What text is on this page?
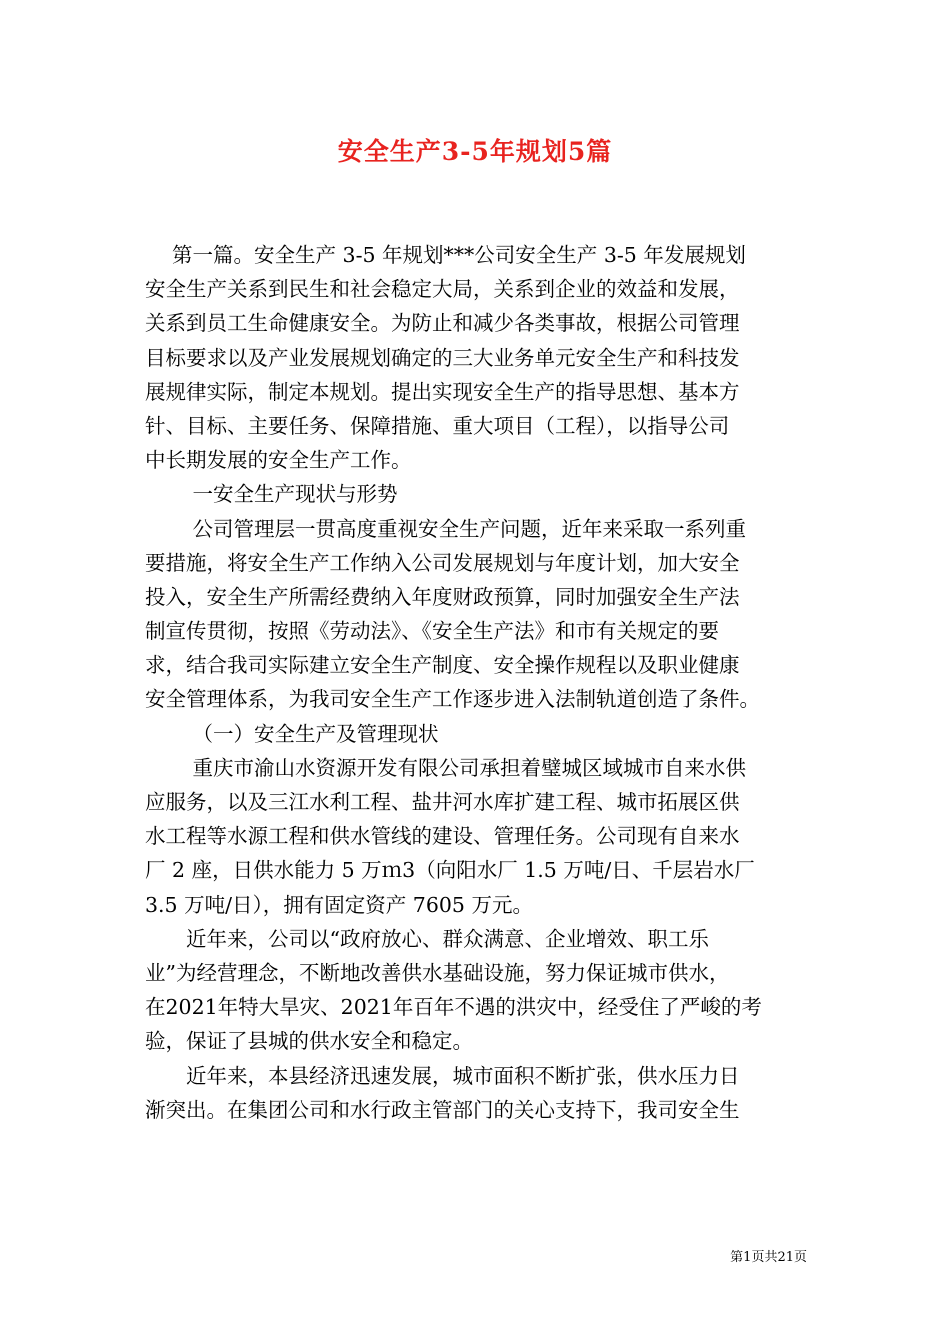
安全生产3-5年规划5篇
　 第一篇。安全生产 3-5 年规划***公司安全生产 3-5 年发展规划
安全生产关系到民生和社会稳定大局，关系到企业的效益和发展，
关系到员工生命健康安全。为防止和减少各类事故，根据公司管理
目标要求以及产业发展规划确定的三大业务单元安全生产和科技发
展规律实际，制定本规划。提出实现安全生产的指导思想、基本方
针、目标、主要任务、保障措施、重大项目（工程），以指导公司
中长期发展的安全生产工作。
　　 一安全生产现状与形势
　　 公司管理层一贯高度重视安全生产问题，近年来采取一系列重
要措施，将安全生产工作纳入公司发展规划与年度计划，加大安全
投入，安全生产所需经费纳入年度财政预算，同时加强安全生产法
制宣传贯彻，按照《劳动法》、《安全生产法》和市有关规定的要
求，结合我司实际建立安全生产制度、安全操作规程以及职业健康
安全管理体系，为我司安全生产工作逐步进入法制轨道创造了条件。
　　 （一）安全生产及管理现状
　　 重庆市渝山水资源开发有限公司承担着璧城区域城市自来水供
应服务，以及三江水利工程、盐井河水库扩建工程、城市拓展区供
水工程等水源工程和供水管线的建设、管理任务。公司现有自来水
厂 2 座，日供水能力 5 万ｍ3（向阳水厂 1.5 万吨/日、千层岩水厂
3.5 万吨/日），拥有固定资产 7605 万元。
　　近年来，公司以“政府放心、群众满意、企业增效、职工乐
业”为经营理念，不断地改善供水基础设施，努力保证城市供水，
在2021年特大旱灾、2021年百年不遇的洪灾中，经受住了严峻的考
验，保证了县城的供水安全和稳定。
　　近年来，本县经济迅速发展，城市面积不断扩张，供水压力日
渐突出。在集团公司和水行政主管部门的关心支持下，我司安全生
第1页共21页
